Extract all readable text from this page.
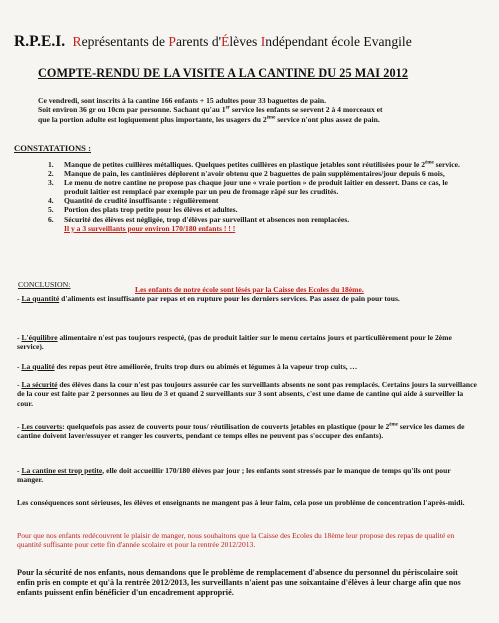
R.P.E.I. Représentants de Parents d'Élèves Indépendant école Evangile
COMPTE-RENDU DE LA VISITE A LA CANTINE DU 25 MAI 2012
Ce vendredi, sont inscrits à la cantine 166 enfants + 15 adultes pour 33 baguettes de pain.
Soit environ 36 gr ou 10cm par personne. Sachant qu'au 1er service les enfants se servent 2 à 4 morceaux et
que la portion adulte est logiquement plus importante, les usagers du 2ème service n'ont plus assez de pain.
CONSTATATIONS :
1.	Manque de petites cuillères métalliques. Quelques petites cuillères en plastique jetables sont réutilisées pour le 2ème service.
2.	Manque de pain, les cantinières déplorent n'avoir obtenu que 2 baguettes de pain supplémentaires/jour depuis 6 mois,
3.	Le menu de notre cantine ne propose pas chaque jour une « vraie portion » de produit laitier en dessert. Dans ce cas, le produit laitier est remplacé par exemple par un peu de fromage râpé sur les crudités.
4.	Quantité de crudité insuffisante : régulièrement
5.	Portion des plats trop petite pour les élèves et adultes.
6.	Sécurité des élèves est négligée, trop d'élèves par surveillant et absences non remplacées.
Il y a 3 surveillants pour environ 170/180 enfants ! ! !
CONCLUSION:
Les enfants de notre école sont lésés par la Caisse des Ecoles du 18ème.
- La quantité d'aliments est insuffisante par repas et en rupture pour les derniers services. Pas assez de pain pour tous.
- L'équilibre alimentaire n'est pas toujours respecté, (pas de produit laitier sur le menu certains jours et particulièrement pour le 2ème service).
- La qualité des repas peut être améliorée, fruits trop durs ou abimés et légumes à la vapeur trop cuits, …
- La sécurité des élèves dans la cour n'est pas toujours assurée car les surveillants absents ne sont pas remplacés. Certains jours la surveillance de la cour est faite par 2 personnes au lieu de 3 et quand 2 surveillants sur 3 sont absents, c'est une dame de cantine qui aide à surveiller la cour.
- Les couverts: quelquefois pas assez de couverts pour tous/ réutilisation de couverts jetables en plastique (pour le 2ème service les dames de cantine doivent laver/essuyer et ranger les couverts, pendant ce temps elles ne peuvent pas s'occuper des enfants).
- La cantine est trop petite, elle doit accueillir 170/180 élèves par jour ; les enfants sont stressés par le manque de temps qu'ils ont pour manger.
Les conséquences sont sérieuses, les élèves et enseignants ne mangent pas à leur faim, cela pose un problème de concentration l'après-midi.
Pour que nos enfants redécouvrent le plaisir de manger, nous souhaitons que la Caisse des Ecoles du 18ème leur propose des repas de qualité en quantité suffisante pour cette fin d'année scolaire et pour la rentrée 2012/2013.
Pour la sécurité de nos enfants, nous demandons que le problème de remplacement d'absence du personnel du périscolaire soit enfin pris en compte et qu'à la rentrée 2012/2013, les surveillants n'aient pas une soixantaine d'élèves à leur charge afin que nos enfants puissent enfin bénéficier d'un encadrement approprié.
